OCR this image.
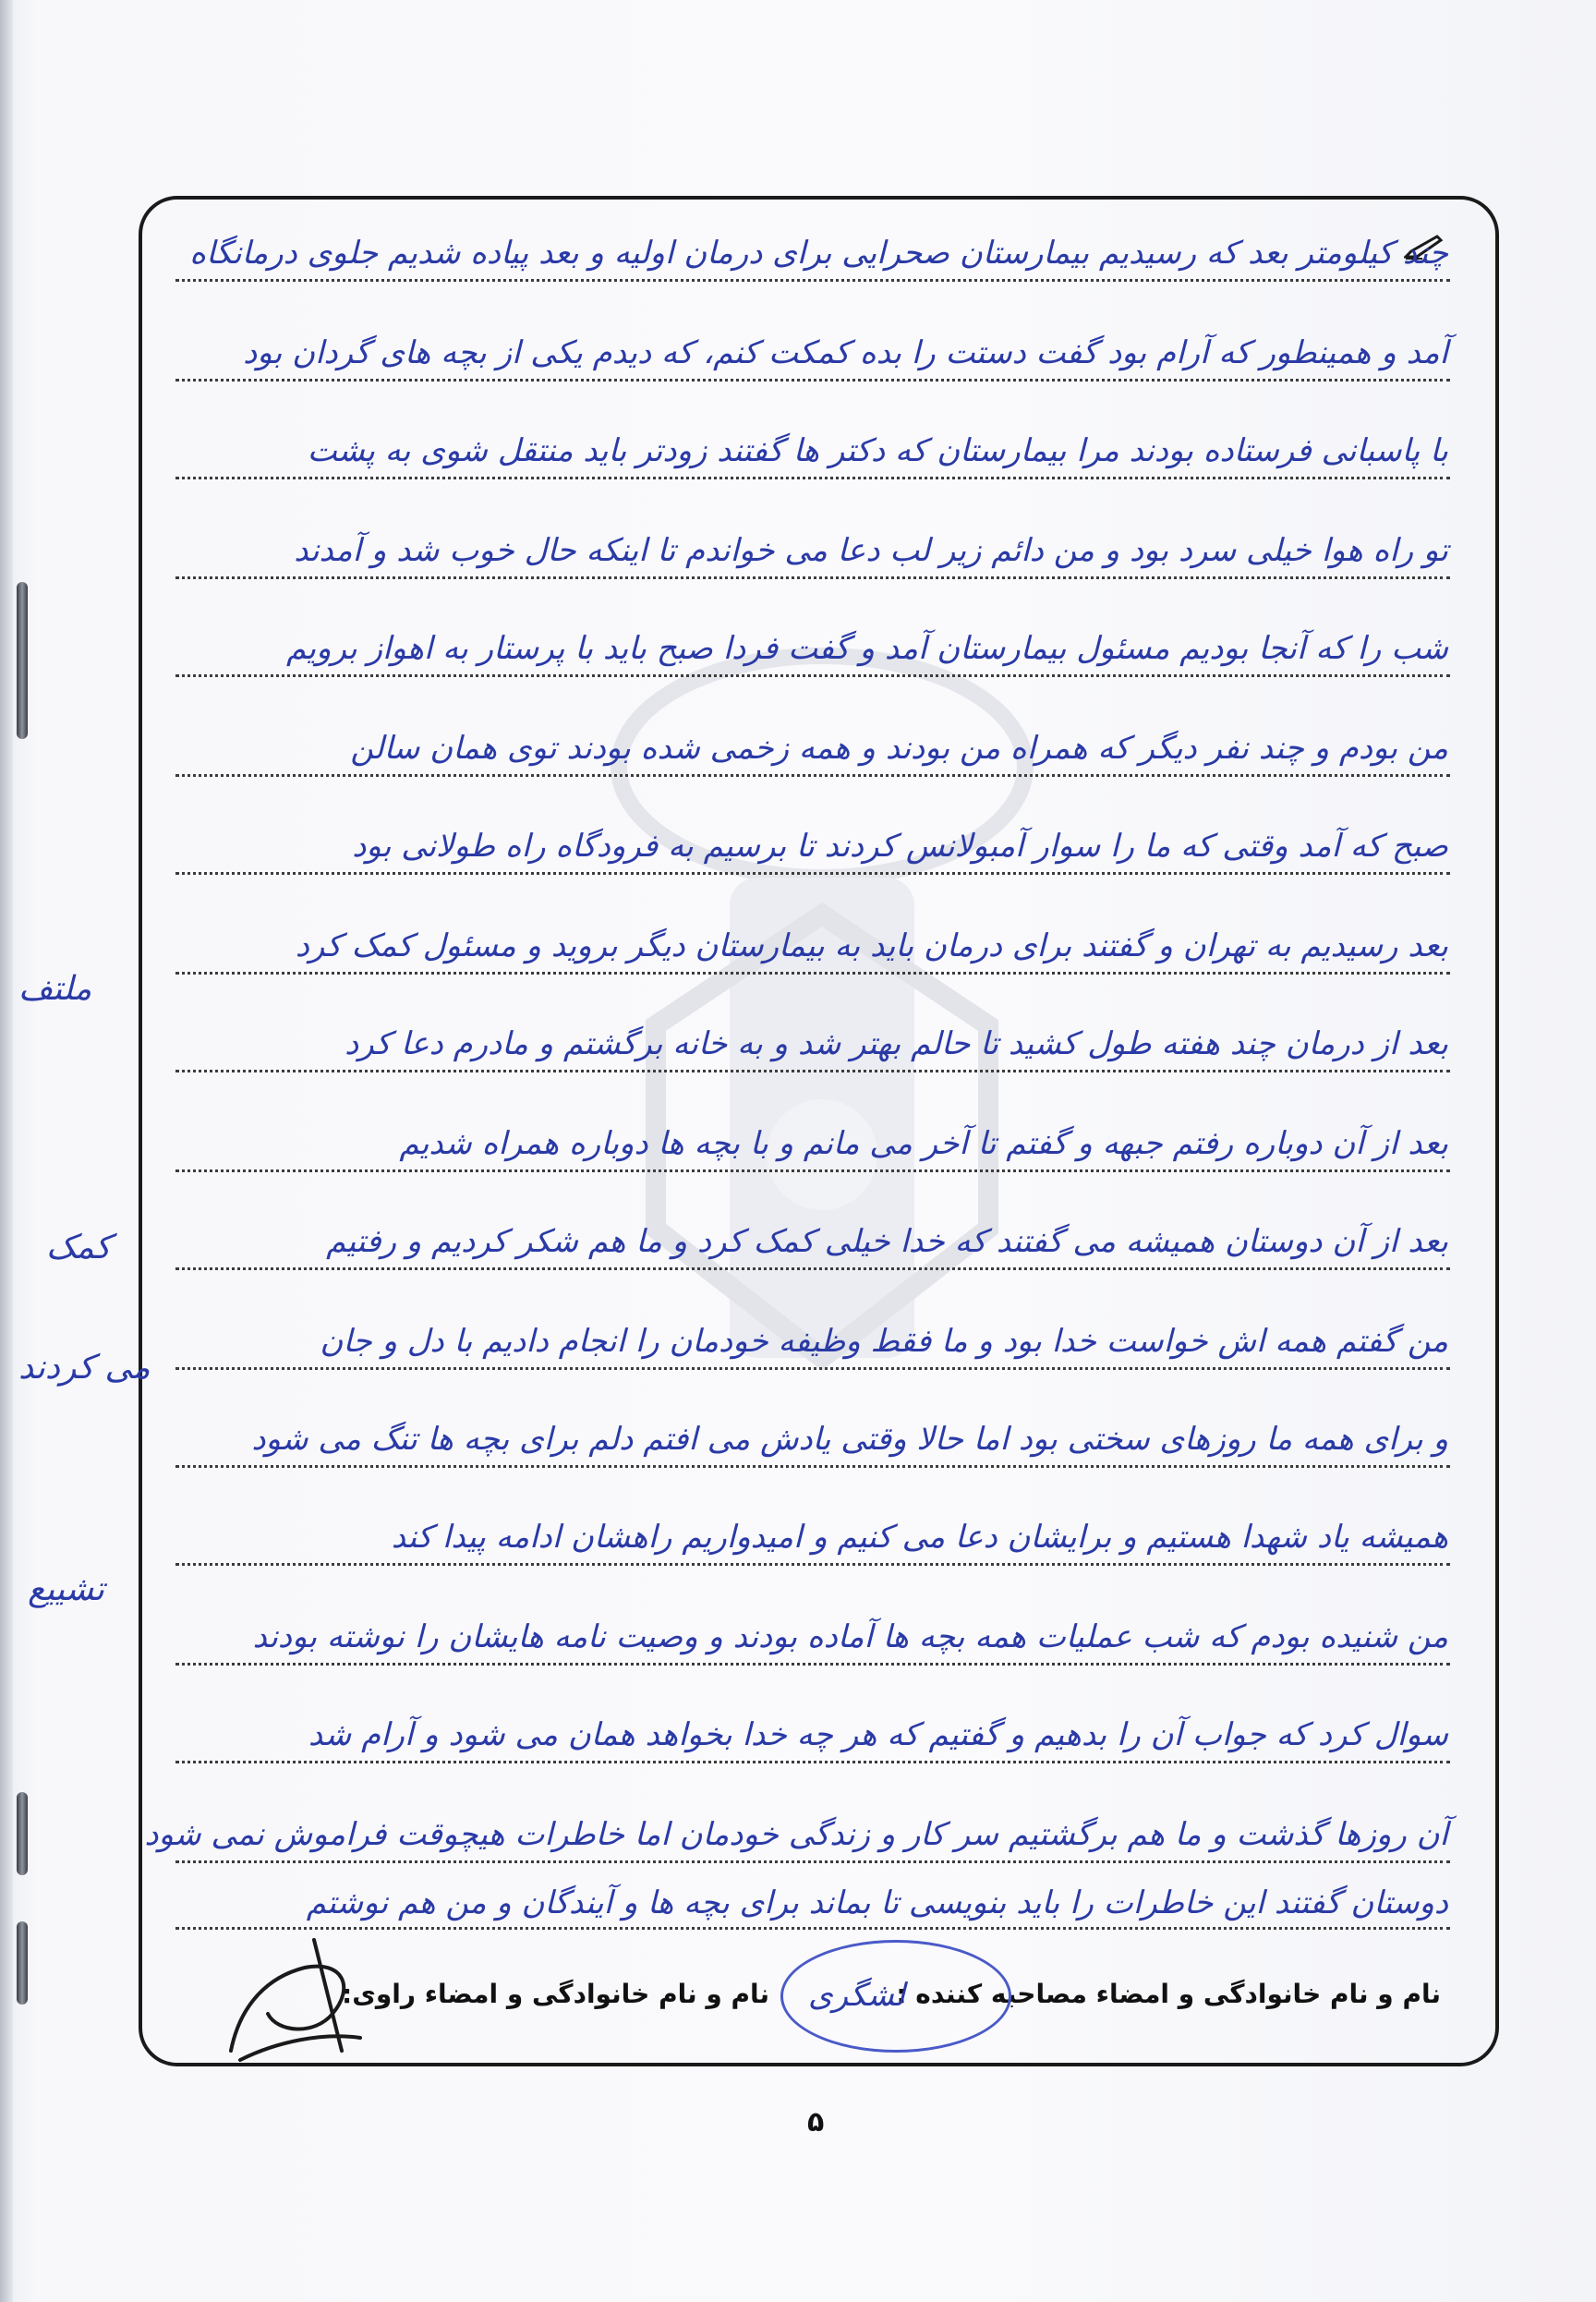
چند کیلومتر بعد که رسیدیم بیمارستان صحرایی برای درمان اولیه و بعد پیاده شدیم جلوی درمانگاه
آمد و همینطور که آرام بود گفت دستت را بده کمکت کنم، که دیدم یکی از بچه های گردان بود
با پاسبانی فرستاده بودند مرا بیمارستان که دکتر ها گفتند زودتر باید منتقل شوی به پشت
تو راه هوا خیلی سرد بود و من دائم زیر لب دعا می خواندم تا اینکه حال خوب شد و آمدند
شب را که آنجا بودیم مسئول بیمارستان آمد و گفت فردا صبح باید با پرستار به اهواز برویم
من بودم و چند نفر دیگر که همراه من بودند و همه زخمی شده بودند توی همان سالن
صبح که آمد وقتی که ما را سوار آمبولانس کردند تا برسیم به فرودگاه راه طولانی بود
بعد رسیدیم به تهران و گفتند برای درمان باید به بیمارستان دیگر بروید و مسئول کمک کرد
بعد از درمان چند هفته طول کشید تا حالم بهتر شد و به خانه برگشتم و مادرم دعا کرد
بعد از آن دوباره رفتم جبهه و گفتم تا آخر می مانم و با بچه ها دوباره همراه شدیم
بعد از آن دوستان همیشه می گفتند که خدا خیلی کمک کرد و ما هم شکر کردیم و رفتیم
من گفتم همه اش خواست خدا بود و ما فقط وظیفه خودمان را انجام دادیم با دل و جان
و برای همه ما روزهای سختی بود اما حالا وقتی یادش می افتم دلم برای بچه ها تنگ می شود
همیشه یاد شهدا هستیم و برایشان دعا می کنیم و امیدواریم راهشان ادامه پیدا کند
من شنیده بودم که شب عملیات همه بچه ها آماده بودند و وصیت نامه هایشان را نوشته بودند
سوال کرد که جواب آن را بدهیم و گفتیم که هر چه خدا بخواهد همان می شود و آرام شد
آن روزها گذشت و ما هم برگشتیم سر کار و زندگی خودمان اما خاطرات هیچوقت فراموش نمی شود
دوستان گفتند این خاطرات را باید بنویسی تا بماند برای بچه ها و آیندگان و من هم نوشتم
ملتف
کمک
می کردند
تشییع
نام و نام خانوادگی و امضاء مصاحبه کننده :
نام و نام خانوادگی و امضاء راوی: لشگری
۵
